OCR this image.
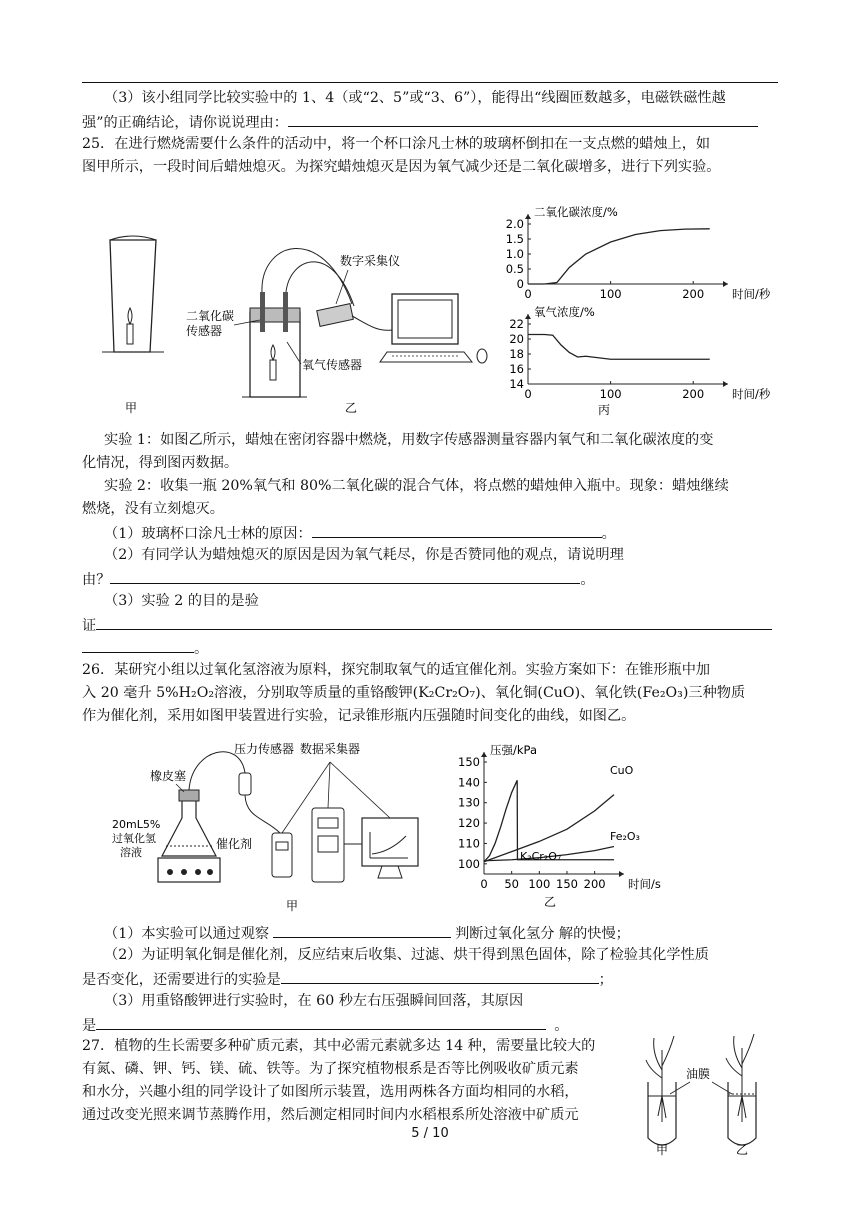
（3）该小组同学比较实验中的 1、4（或“2、5”或“3、6”），能得出“线圈匝数越多，电磁铁磁性越
强”的正确结论，请你说说理由：
25．在进行燃烧需要什么条件的活动中，将一个杯口涂凡士林的玻璃杯倒扣在一支点燃的蜡烛上，如
图甲所示，一段时间后蜡烛熄灭。为探究蜡烛熄灭是因为氧气减少还是二氧化碳增多，进行下列实验。
甲
二氧化碳
传感器
氧气传感器
数字采集仪
乙
0
0.5
1.0
1.5
2.0
0	100	200 时间/秒
二氧化碳浓度/%
14
16
18
20
22
0	100	200 时间/秒
氧气浓度/%
丙
实验 1：如图乙所示，蜡烛在密闭容器中燃烧，用数字传感器测量容器内氧气和二氧化碳浓度的变
化情况，得到图丙数据。
实验 2：收集一瓶 20%氧气和 80%二氧化碳的混合气体，将点燃的蜡烛伸入瓶中。现象：蜡烛继续
燃烧，没有立刻熄灭。
（1）玻璃杯口涂凡士林的原因：	。
（2）有同学认为蜡烛熄灭的原因是因为氧气耗尽，你是否赞同他的观点，请说明理
由？	。
（3）实验 2 的目的是验
证
。
26．某研究小组以过氧化氢溶液为原料，探究制取氧气的适宜催化剂。实验方案如下：在锥形瓶中加
入 20 毫升 5%H₂O₂溶液，分别取等质量的重铬酸钾(K₂Cr₂O₇)、氧化铜(CuO)、氧化铁(Fe₂O₃)三种物质
作为催化剂，采用如图甲装置进行实验，记录锥形瓶内压强随时间变化的曲线，如图乙。
压力传感器 数据采集器
橡皮塞
20mL5%
过氧化氢
溶液
催化剂
甲
100
110
120
130
140
150
0 50 100 150 200 时间/s
压强/kPa
K₂Cr₂O₇
CuO
Fe₂O₃
乙
（1）本实验可以通过观察	判断过氧化氢分 解的快慢；
（2）为证明氧化铜是催化剂，反应结束后收集、过滤、烘干得到黑色固体，除了检验其化学性质
是否变化，还需要进行的实验是	；
（3）用重铬酸钾进行实验时，在 60 秒左右压强瞬间回落，其原因
是	。
27．植物的生长需要多种矿质元素，其中必需元素就多达 14 种，需要量比较大的
有氮、磷、钾、钙、镁、硫、铁等。为了探究植物根系是否等比例吸收矿质元素
和水分，兴趣小组的同学设计了如图所示装置，选用两株各方面均相同的水稻，
通过改变光照来调节蒸腾作用，然后测定相同时间内水稻根系所处溶液中矿质元
油膜
甲	乙
5 / 10
